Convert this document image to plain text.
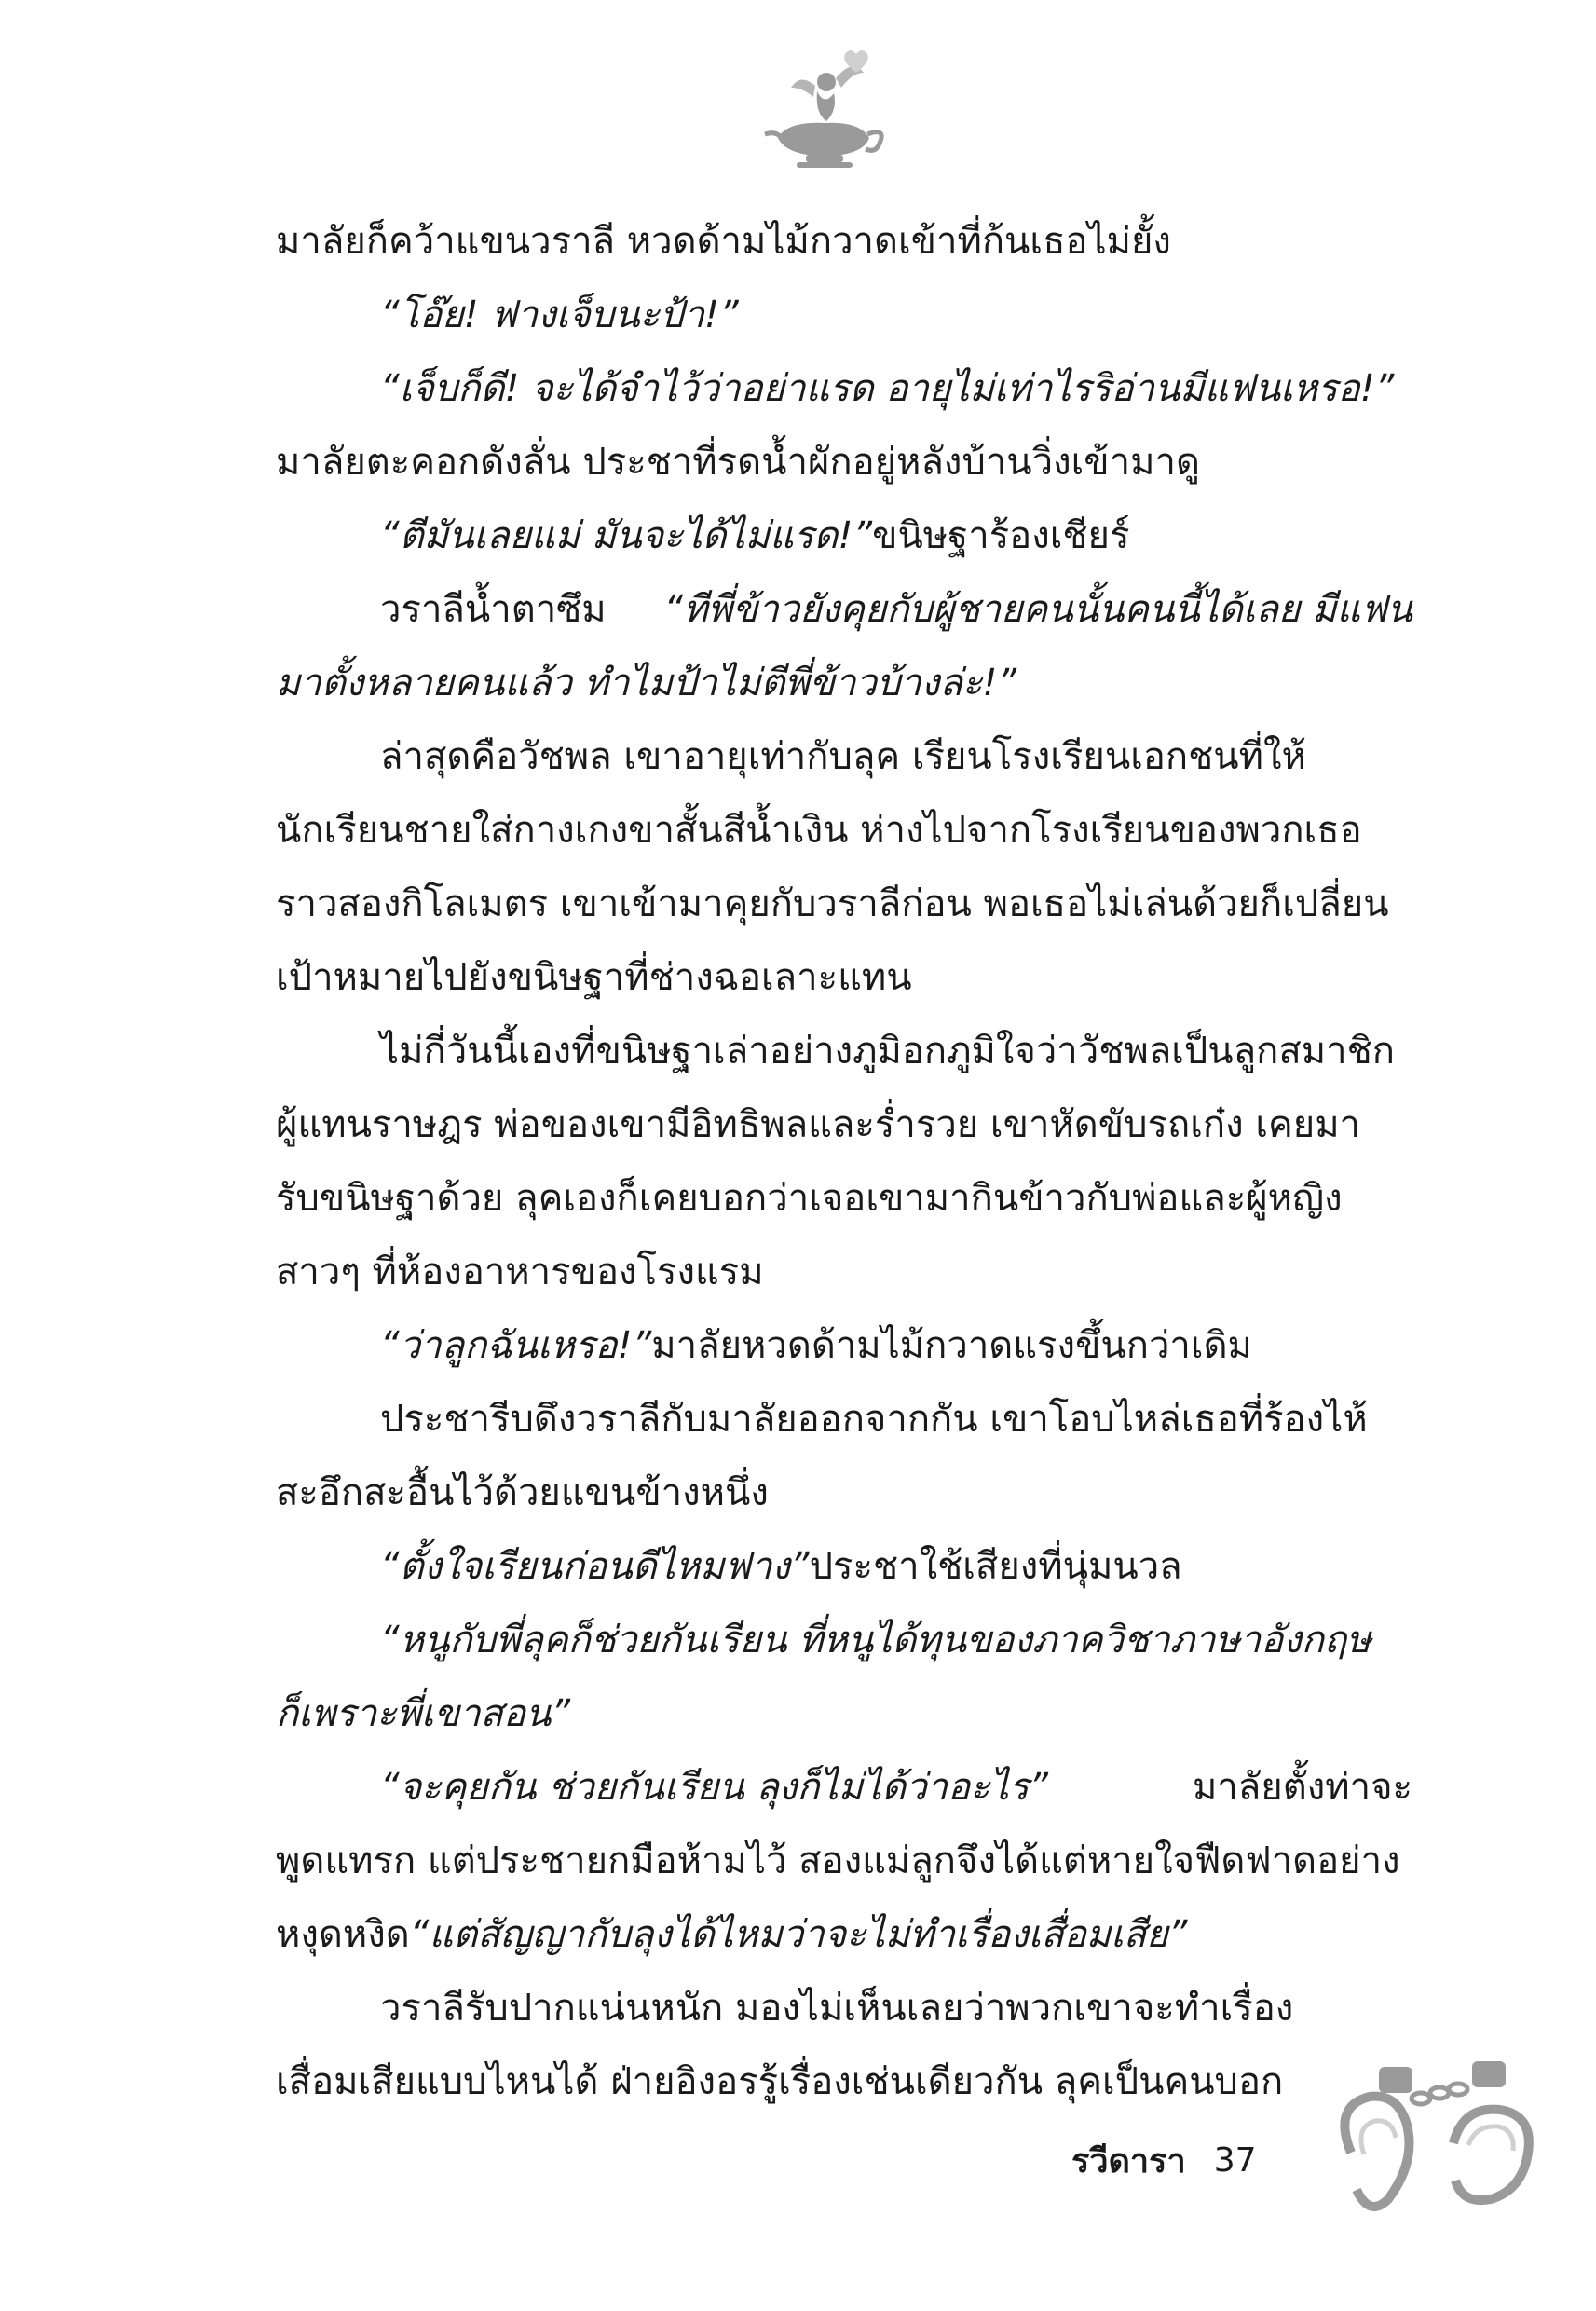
มาลัยก็คว้าแขนวราลี หวดด้ามไม้กวาดเข้าที่ก้นเธอไม่ยั้ง
“โอ๊ย! ฟางเจ็บนะป้า!”
“เจ็บก็ดี! จะได้จำไว้ว่าอย่าแรด อายุไม่เท่าไรริอ่านมีแฟนเหรอ!”
มาลัยตะคอกดังลั่น ประชาที่รดน้ำผักอยู่หลังบ้านวิ่งเข้ามาดู
“ตีมันเลยแม่ มันจะได้ไม่แรด!” ขนิษฐาร้องเชียร์
วราลีน้ำตาซึม “ทีพี่ข้าวยังคุยกับผู้ชายคนนั้นคนนี้ได้เลย มีแฟน
มาตั้งหลายคนแล้ว ทำไมป้าไม่ตีพี่ข้าวบ้างล่ะ!”
ล่าสุดคือวัชพล เขาอายุเท่ากับลุค เรียนโรงเรียนเอกชนที่ให้
นักเรียนชายใส่กางเกงขาสั้นสีน้ำเงิน ห่างไปจากโรงเรียนของพวกเธอ
ราวสองกิโลเมตร เขาเข้ามาคุยกับวราลีก่อน พอเธอไม่เล่นด้วยก็เปลี่ยน
เป้าหมายไปยังขนิษฐาที่ช่างฉอเลาะแทน
ไม่กี่วันนี้เองที่ขนิษฐาเล่าอย่างภูมิอกภูมิใจว่าวัชพลเป็นลูกสมาชิก
ผู้แทนราษฎร พ่อของเขามีอิทธิพลและร่ำรวย เขาหัดขับรถเก๋ง เคยมา
รับขนิษฐาด้วย ลุคเองก็เคยบอกว่าเจอเขามากินข้าวกับพ่อและผู้หญิง
สาวๆ ที่ห้องอาหารของโรงแรม
“ว่าลูกฉันเหรอ!” มาลัยหวดด้ามไม้กวาดแรงขึ้นกว่าเดิม
ประชารีบดึงวราลีกับมาลัยออกจากกัน เขาโอบไหล่เธอที่ร้องไห้
สะอึกสะอื้นไว้ด้วยแขนข้างหนึ่ง
“ตั้งใจเรียนก่อนดีไหมฟาง” ประชาใช้เสียงที่นุ่มนวล
“หนูกับพี่ลุคก็ช่วยกันเรียน ที่หนูได้ทุนของภาควิชาภาษาอังกฤษ
ก็เพราะพี่เขาสอน”
“จะคุยกัน ช่วยกันเรียน ลุงก็ไม่ได้ว่าอะไร”	มาลัยตั้งท่าจะ
พูดแทรก แต่ประชายกมือห้ามไว้ สองแม่ลูกจึงได้แต่หายใจฟืดฟาดอย่าง
หงุดหงิด “แต่สัญญากับลุงได้ไหมว่าจะไม่ทำเรื่องเสื่อมเสีย”
วราลีรับปากแน่นหนัก มองไม่เห็นเลยว่าพวกเขาจะทำเรื่อง
เสื่อมเสียแบบไหนได้ ฝ่ายอิงอรรู้เรื่องเช่นเดียวกัน ลุคเป็นคนบอก
รวีดารา 37
